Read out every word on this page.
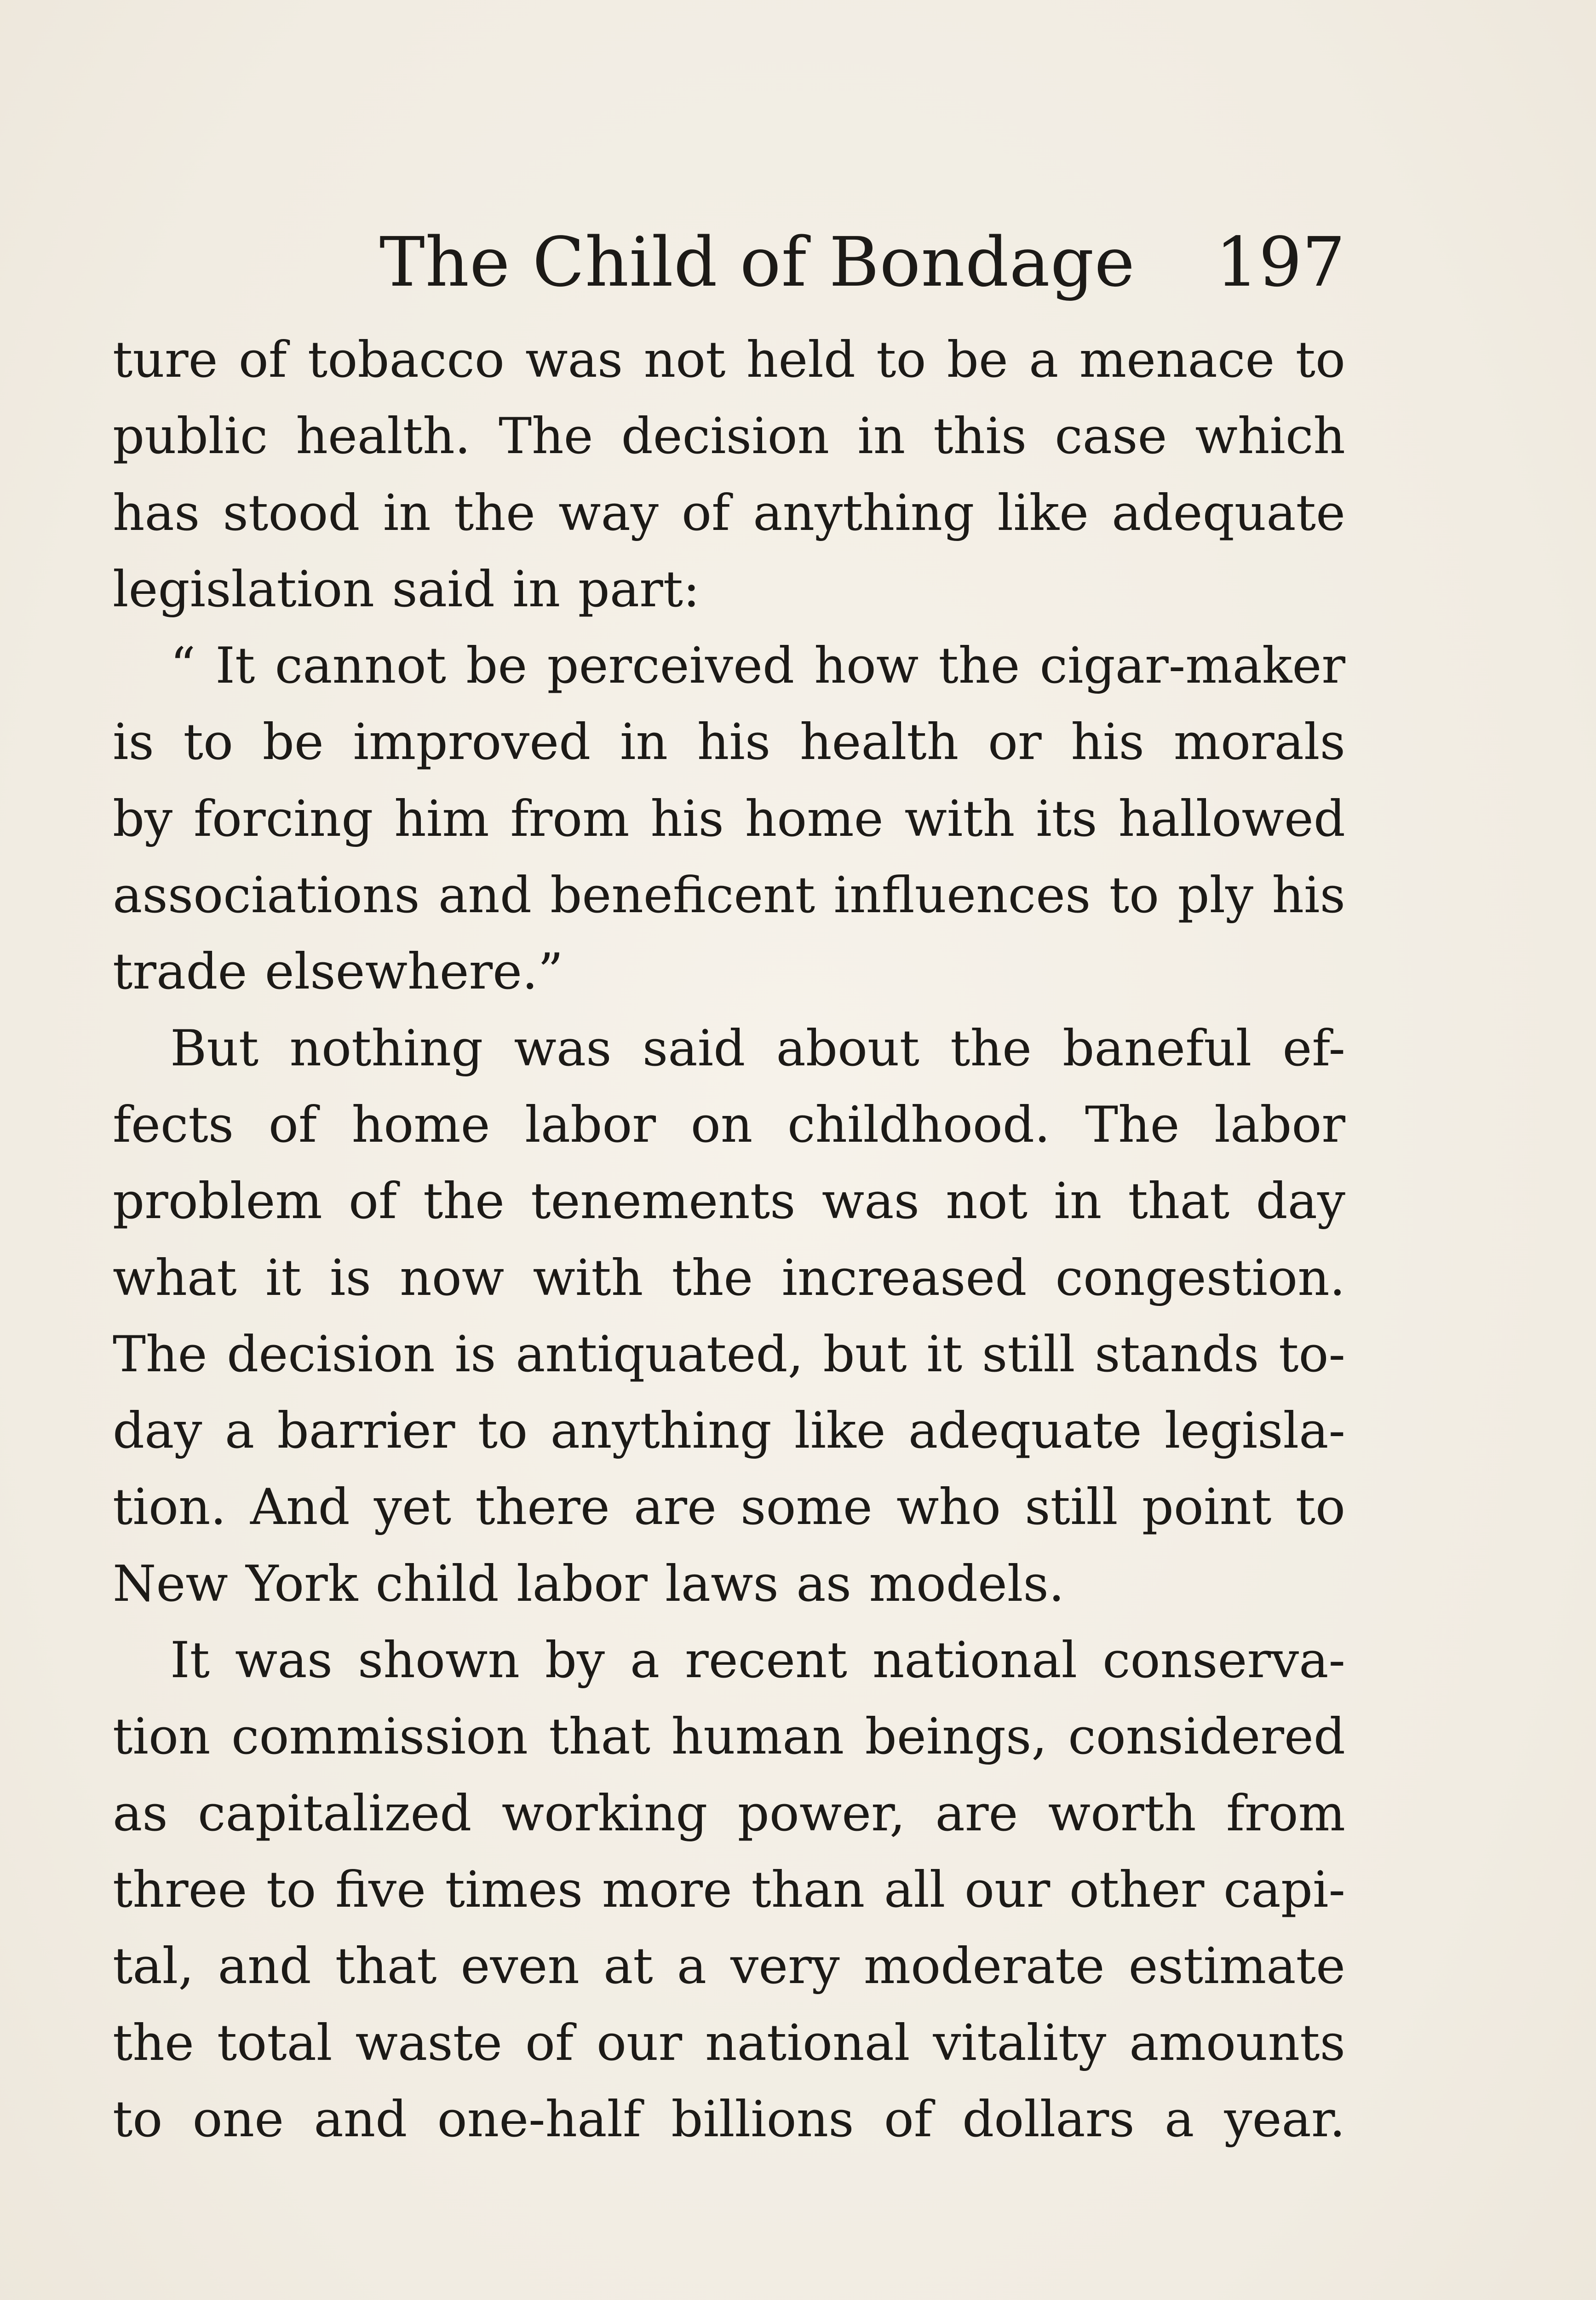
The Child of Bondage 197
ture of tobacco was not held to be a menace to
public health. The decision in this case which
has stood in the way of anything like adequate
legislation said in part:
“ It cannot be perceived how the cigar-maker
is to be improved in his health or his morals
by forcing him from his home with its hallowed
associations and beneficent influences to ply his
trade elsewhere.”
But nothing was said about the baneful ef-
fects of home labor on childhood. The labor
problem of the tenements was not in that day
what it is now with the increased congestion.
The decision is antiquated, but it still stands to-
day a barrier to anything like adequate legisla-
tion. And yet there are some who still point to
New York child labor laws as models.
It was shown by a recent national conserva-
tion commission that human beings, considered
as capitalized working power, are worth from
three to five times more than all our other capi-
tal, and that even at a very moderate estimate
the total waste of our national vitality amounts
to one and one-half billions of dollars a year.
